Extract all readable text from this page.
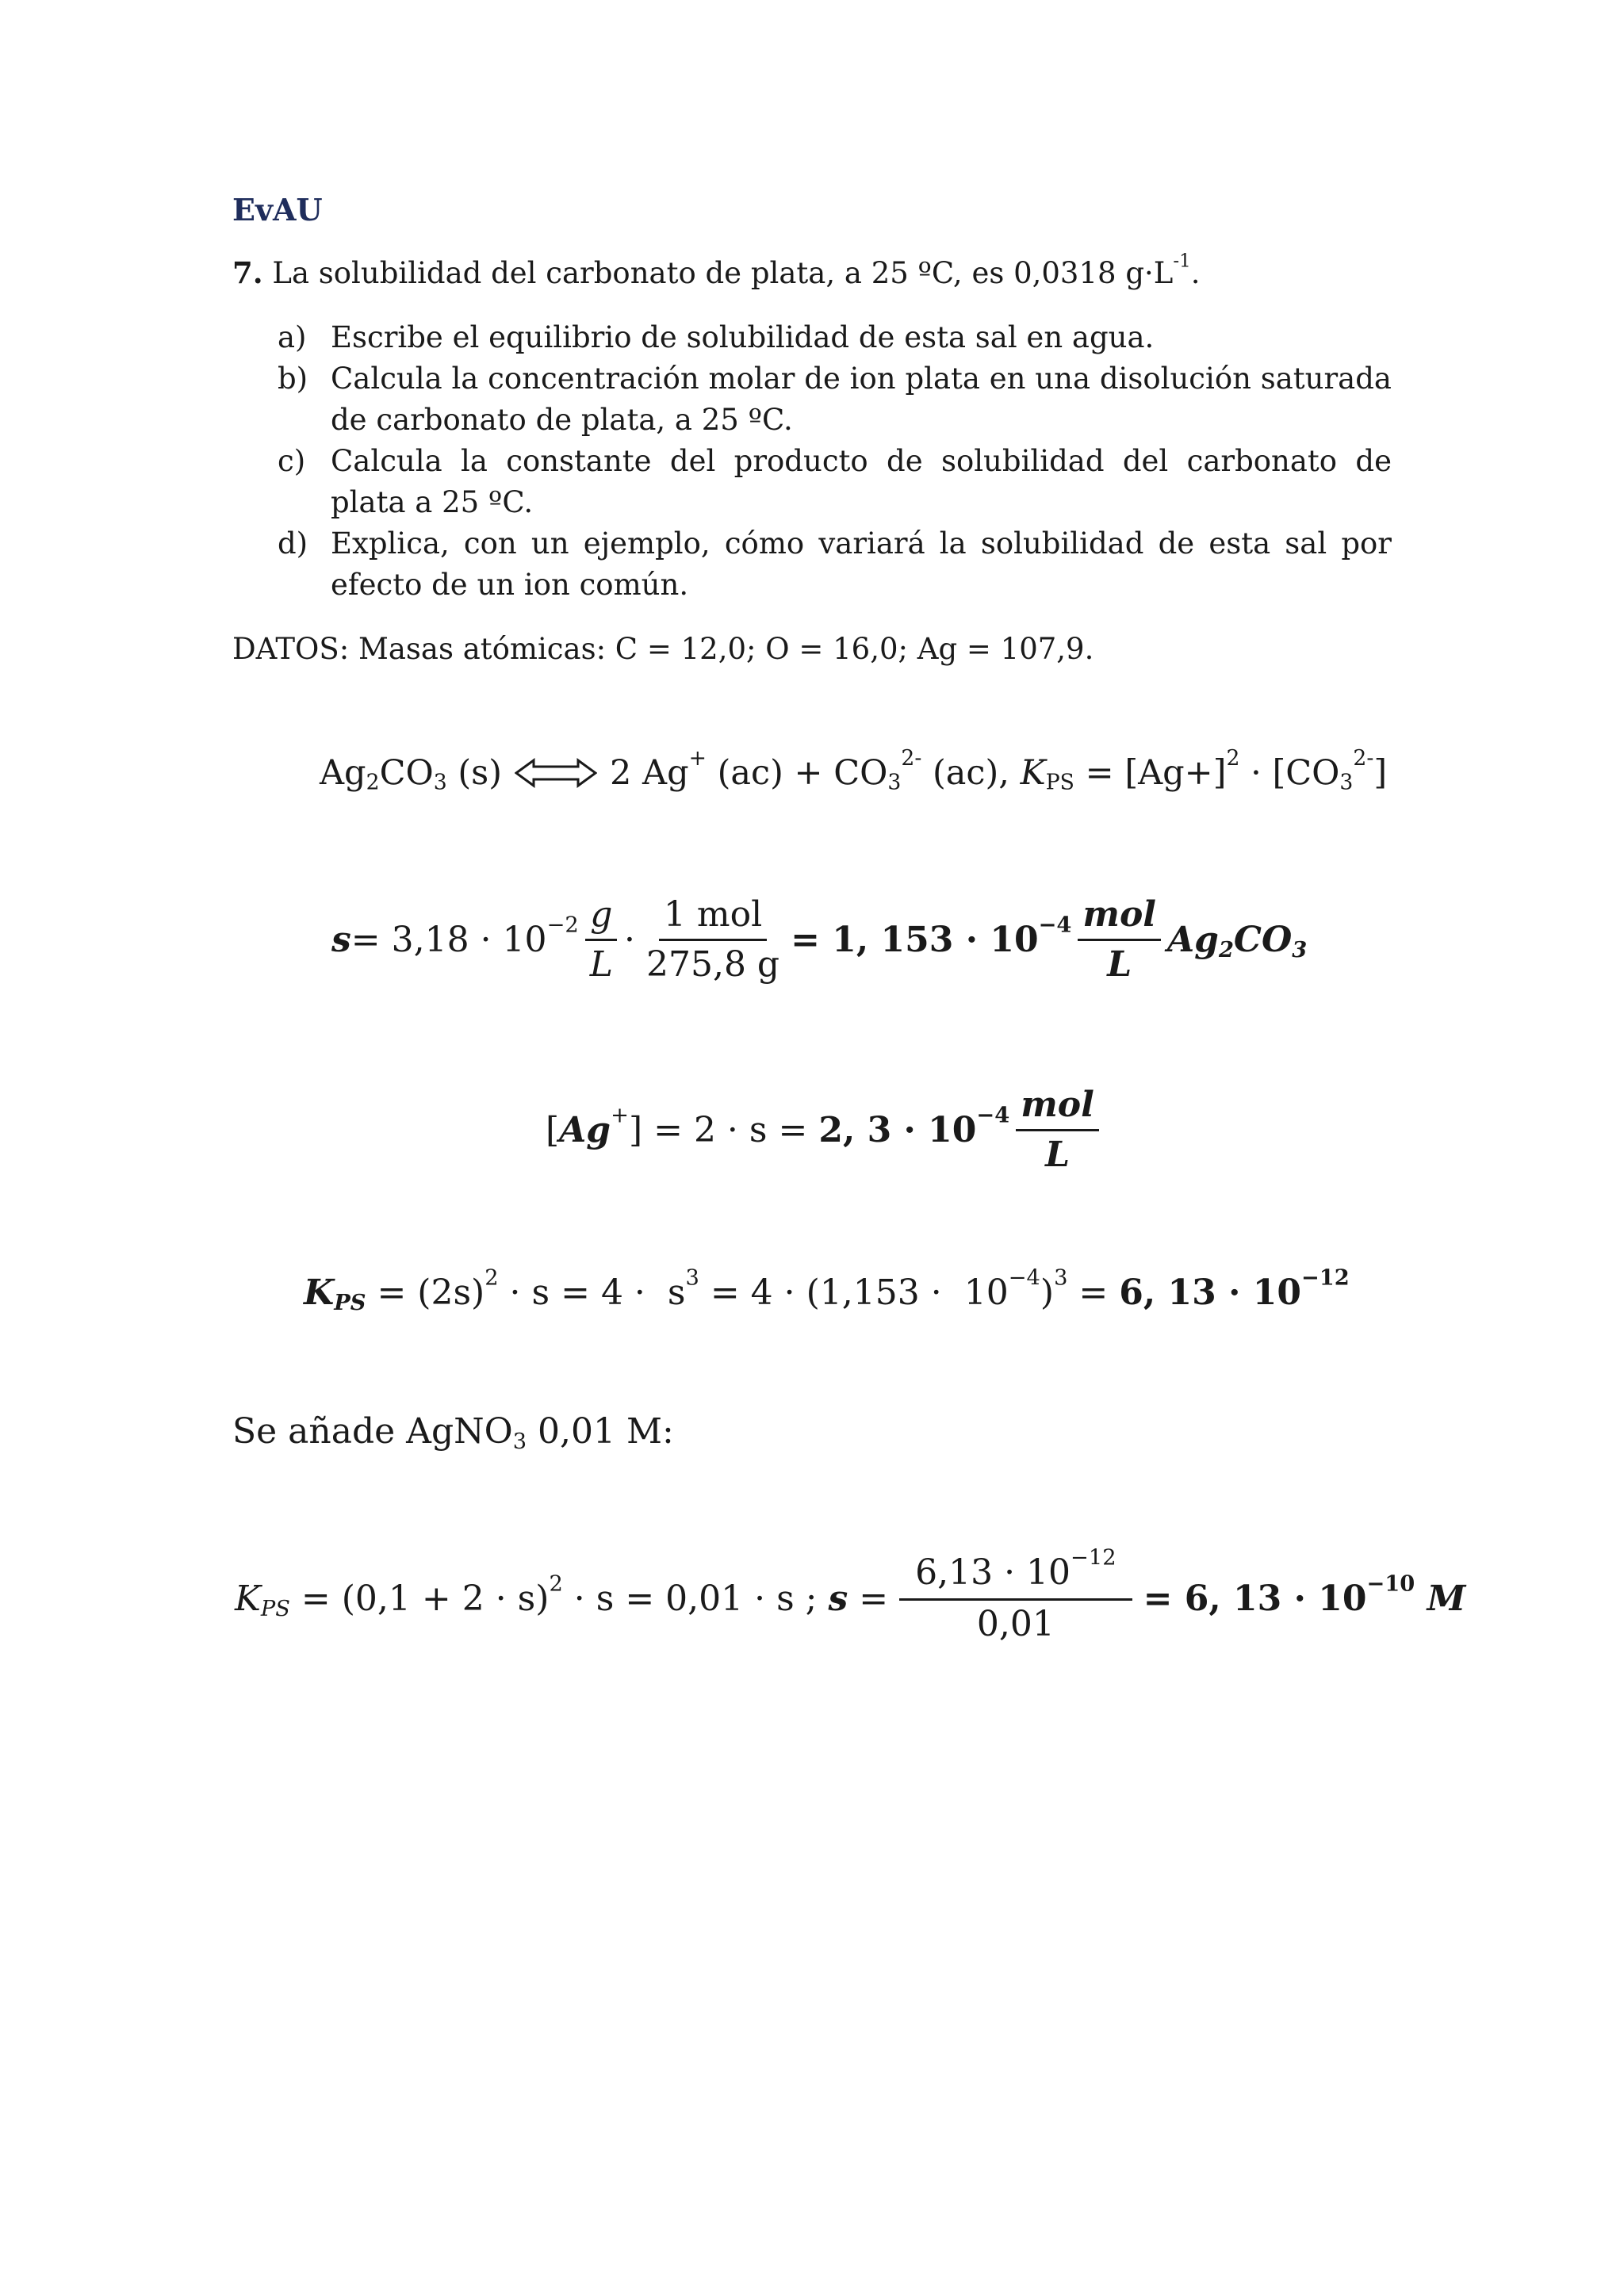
EvAU
7. La solubilidad del carbonato de plata, a 25 ºC, es 0,0318 $g\cdot L^{-1}$.
a) Escribe el equilibrio de solubilidad de esta sal en agua.
b) Calcula la concentración molar de ion plata en una disolución saturada de carbonato de plata, a 25 ºC.
c) Calcula la constante del producto de solubilidad del carbonato de plata a 25 ºC.
d) Explica, con un ejemplo, cómo variará la solubilidad de esta sal por efecto de un ion común.
DATOS: Masas atómicas: C = 12,0; O = 16,0; Ag = 107,9.
$Ag_2CO_3$ (s)	2 Ag+ $(ac) + CO_3^{2-}$ (ac), $K_{PS} = [Ag+]^2 \cdot [CO_3^{2-}]$
$s = 3,18 \cdot 10^{-2} \frac{g}{L} \cdot \frac{\text{1 mol}}{275,8 g} = 1$, $153 \cdot 10^{-4} \frac{\text{mol}}{L} Ag_2CO_3$
[Ag+] = 2 · s = 2, $3 \cdot 10^{-4} \frac{\text{mol}}{L}$
$K_{PS} = (2s)^2 \cdot s = 4 \cdot s^3 = 4 \cdot (1,153 \cdot 10^{-4})^3 = 6$, $13 \cdot 10^{-12}$
Se añade AgNO$_3$ 0,01 M:
$K_{PS} = (0,1 + 2 \cdot s)^2 \cdot s = 0,01 \cdot s$ ; $s = \frac{6,13 \cdot 10^{-12}}{0,01} = 6$, $13 \cdot 10^{-10}$ M
